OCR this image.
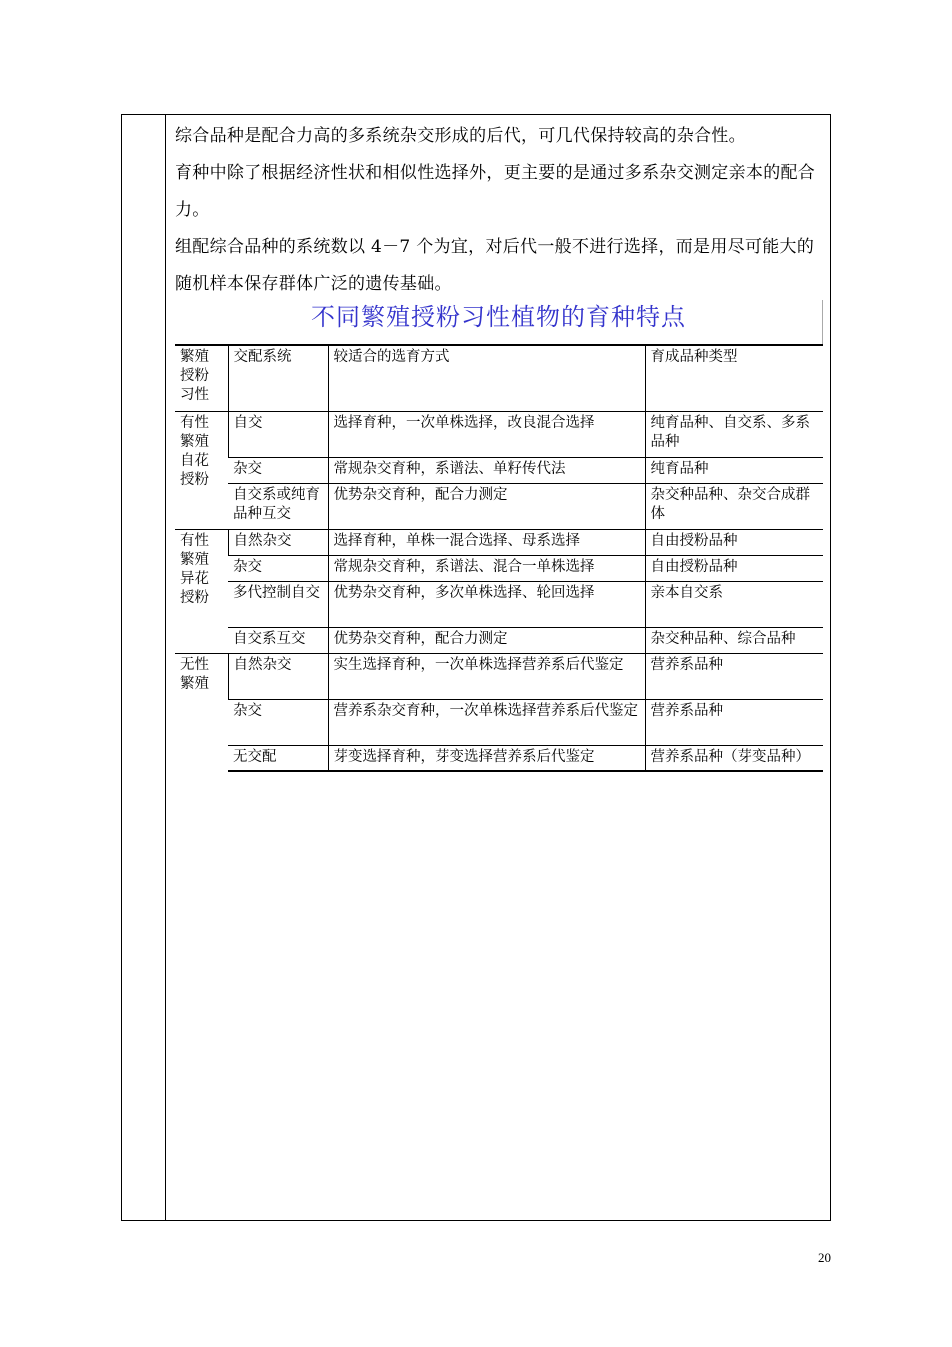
综合品种是配合力高的多系统杂交形成的后代，可几代保持较高的杂合性。

育种中除了根据经济性状和相似性选择外，更主要的是通过多系杂交测定亲本的配合力。

组配综合品种的系统数以 4－7 个为宜，对后代一般不进行选择，而是用尽可能大的随机样本保存群体广泛的遗传基础。

不同繁殖授粉习性植物的育种特点
繁殖授粉习性	交配系统	较适合的选育方式	育成品种类型
有性繁殖自花授粉	自交	选择育种，一次单株选择，改良混合选择	纯育品种、自交系、多系品种
	杂交	常规杂交育种，系谱法、单籽传代法	纯育品种
	自交系或纯育品种互交	优势杂交育种，配合力测定	杂交种品种、杂交合成群体
有性繁殖异花授粉	自然杂交	选择育种，单株一混合选择、母系选择	自由授粉品种
	杂交	常规杂交育种，系谱法、混合一单株选择	自由授粉品种
	多代控制自交	优势杂交育种，多次单株选择、轮回选择	亲本自交系
	自交系互交	优势杂交育种，配合力测定	杂交种品种、综合品种
无性繁殖	自然杂交	实生选择育种，一次单株选择营养系后代鉴定	营养系品种
	杂交	营养系杂交育种，一次单株选择营养系后代鉴定	营养系品种
	无交配	芽变选择育种，芽变选择营养系后代鉴定	营养系品种（芽变品种）
20
